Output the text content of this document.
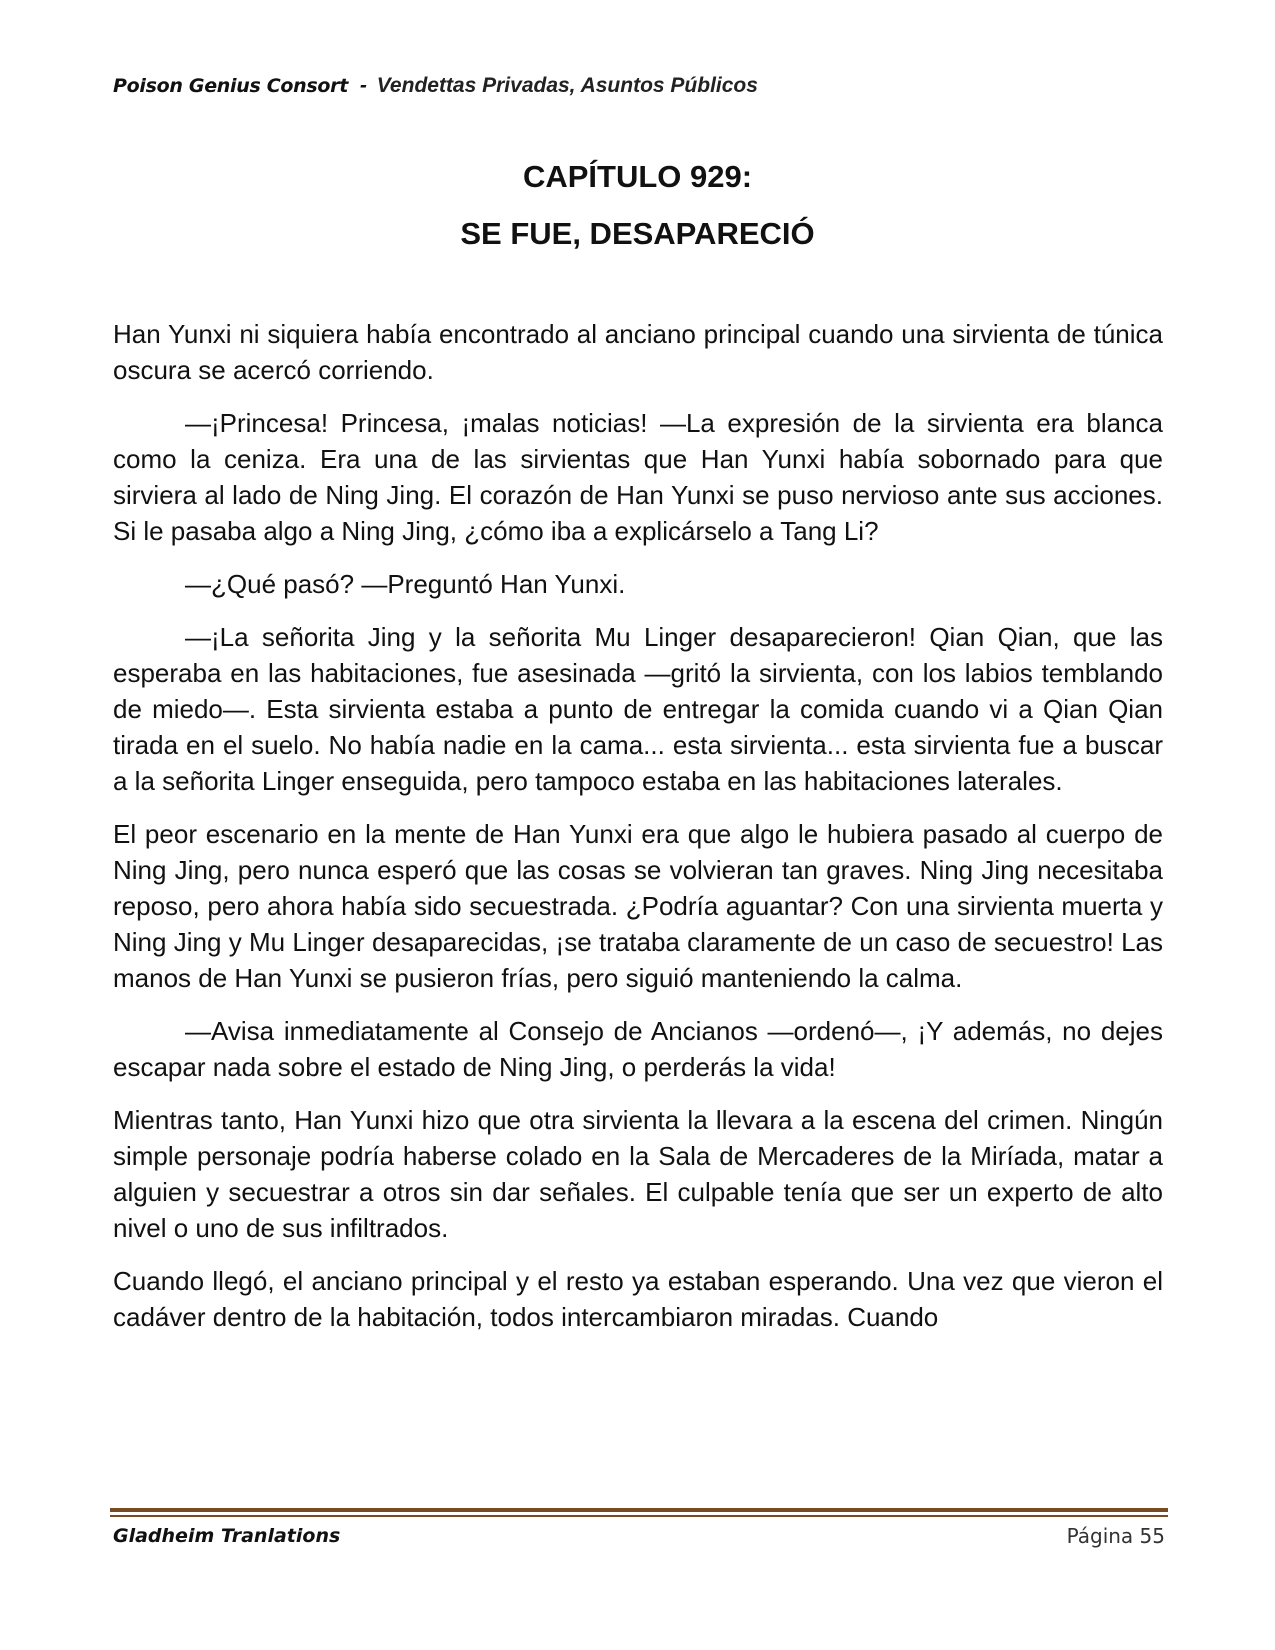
Poison Genius Consort - Vendettas Privadas, Asuntos Públicos
CAPÍTULO 929:
SE FUE, DESAPARECIÓ

Han Yunxi ni siquiera había encontrado al anciano principal cuando una sirvienta de túnica oscura se acercó corriendo.

—¡Princesa! Princesa, ¡malas noticias! —La expresión de la sirvienta era blanca como la ceniza. Era una de las sirvientas que Han Yunxi había sobornado para que sirviera al lado de Ning Jing. El corazón de Han Yunxi se puso nervioso ante sus acciones. Si le pasaba algo a Ning Jing, ¿cómo iba a explicárselo a Tang Li?

—¿Qué pasó? —Preguntó Han Yunxi.

—¡La señorita Jing y la señorita Mu Linger desaparecieron! Qian Qian, que las esperaba en las habitaciones, fue asesinada —gritó la sirvienta, con los labios temblando de miedo—. Esta sirvienta estaba a punto de entregar la comida cuando vi a Qian Qian tirada en el suelo. No había nadie en la cama... esta sirvienta... esta sirvienta fue a buscar a la señorita Linger enseguida, pero tampoco estaba en las habitaciones laterales.

El peor escenario en la mente de Han Yunxi era que algo le hubiera pasado al cuerpo de Ning Jing, pero nunca esperó que las cosas se volvieran tan graves. Ning Jing necesitaba reposo, pero ahora había sido secuestrada. ¿Podría aguantar? Con una sirvienta muerta y Ning Jing y Mu Linger desaparecidas, ¡se trataba claramente de un caso de secuestro! Las manos de Han Yunxi se pusieron frías, pero siguió manteniendo la calma.

—Avisa inmediatamente al Consejo de Ancianos —ordenó—, ¡Y además, no dejes escapar nada sobre el estado de Ning Jing, o perderás la vida!

Mientras tanto, Han Yunxi hizo que otra sirvienta la llevara a la escena del crimen. Ningún simple personaje podría haberse colado en la Sala de Mercaderes de la Miríada, matar a alguien y secuestrar a otros sin dar señales. El culpable tenía que ser un experto de alto nivel o uno de sus infiltrados.

Cuando llegó, el anciano principal y el resto ya estaban esperando. Una vez que vieron el cadáver dentro de la habitación, todos intercambiaron miradas. Cuando

Gladheim Tranlations	Página 55
